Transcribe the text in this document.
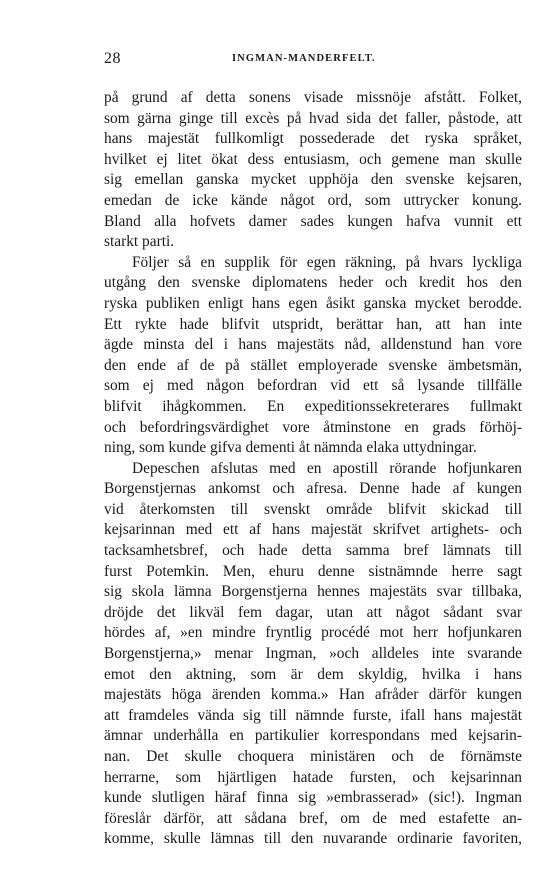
28	INGMAN-MANDERFELT.
på grund af detta sonens visade missnöje afstått. Folket,
som gärna ginge till excès på hvad sida det faller, påstode, att
hans majestät fullkomligt possederade det ryska språket,
hvilket ej litet ökat dess entusiasm, och gemene man skulle
sig emellan ganska mycket upphöja den svenske kejsaren,
emedan de icke kände något ord, som uttrycker konung.
Bland alla hofvets damer sades kungen hafva vunnit ett
starkt parti.
Följer så en supplik för egen räkning, på hvars lyckliga
utgång den svenske diplomatens heder och kredit hos den
ryska publiken enligt hans egen åsikt ganska mycket berodde.
Ett rykte hade blifvit utspridt, berättar han, att han inte
ägde minsta del i hans majestäts nåd, alldenstund han vore
den ende af de på stället employerade svenske ämbetsmän,
som ej med någon befordran vid ett så lysande tillfälle
blifvit ihågkommen. En expeditionssekreterares fullmakt
och befordringsvärdighet vore åtminstone en grads förhöj-
ning, som kunde gifva dementi åt nämnda elaka uttydningar.
Depeschen afslutas med en apostill rörande hofjunkaren
Borgenstjernas ankomst och afresa. Denne hade af kungen
vid återkomsten till svenskt område blifvit skickad till
kejsarinnan med ett af hans majestät skrifvet artighets- och
tacksamhetsbref, och hade detta samma bref lämnats till
furst Potemkin. Men, ehuru denne sistnämnde herre sagt
sig skola lämna Borgenstjerna hennes majestäts svar tillbaka,
dröjde det likväl fem dagar, utan att något sådant svar
hördes af, »en mindre fryntlig procédé mot herr hofjunkaren
Borgenstjerna,» menar Ingman, »och alldeles inte svarande
emot den aktning, som är dem skyldig, hvilka i hans
majestäts höga ärenden komma.» Han afråder därför kungen
att framdeles vända sig till nämnde furste, ifall hans majestät
ämnar underhålla en partikulier korrespondans med kejsarin-
nan. Det skulle choquera ministären och de förnämste
herrarne, som hjärtligen hatade fursten, och kejsarinnan
kunde slutligen häraf finna sig »embrasserad» (sic!). Ingman
föreslår därför, att sådana bref, om de med estafette an-
komme, skulle lämnas till den nuvarande ordinarie favoriten,
